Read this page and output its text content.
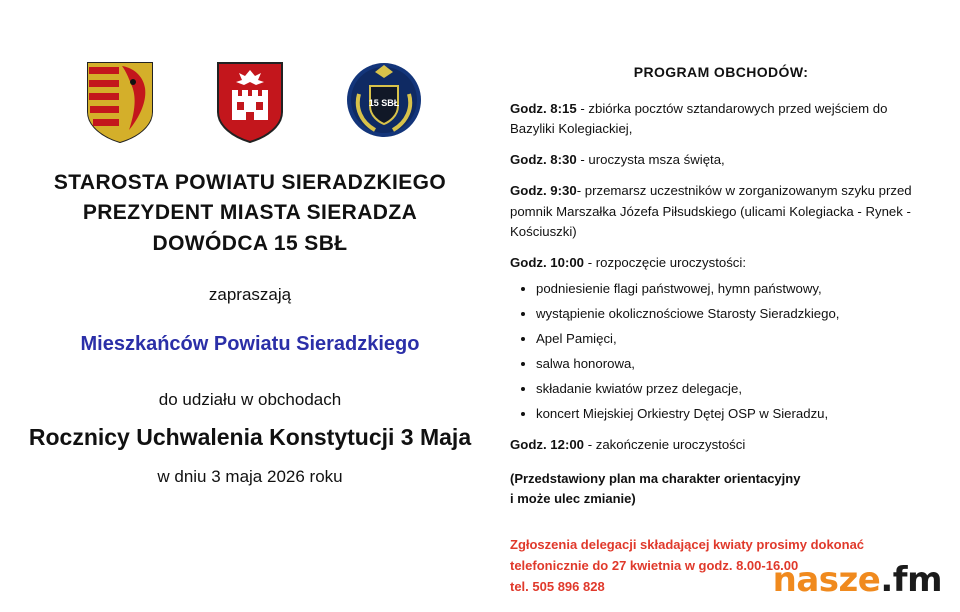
15 SBŁ
STAROSTA POWIATU SIERADZKIEGO
PREZYDENT MIASTA SIERADZA
DOWÓDCA 15 SBŁ
zapraszają
Mieszkańców Powiatu Sieradzkiego
do udziału w obchodach
Rocznicy Uchwalenia Konstytucji 3 Maja
w dniu 3 maja 2026 roku
PROGRAM OBCHODÓW:
Godz. 8:15 - zbiórka pocztów sztandarowych przed wejściem do Bazyliki Kolegiackiej,
Godz. 8:30 - uroczysta msza święta,
Godz. 9:30- przemarsz uczestników w zorganizowanym szyku przed pomnik Marszałka Józefa Piłsudskiego (ulicami Kolegiacka - Rynek - Kościuszki)
Godz. 10:00 - rozpoczęcie uroczystości:
• podniesienie flagi państwowej, hymn państwowy,
• wystąpienie okolicznościowe Starosty Sieradzkiego,
• Apel Pamięci,
• salwa honorowa,
• składanie kwiatów przez delegacje,
• koncert Miejskiej Orkiestry Dętej OSP w Sieradzu,
Godz. 12:00 - zakończenie uroczystości
(Przedstawiony plan ma charakter orientacyjny
i może ulec zmianie)
Zgłoszenia delegacji składającej kwiaty prosimy dokonać
telefonicznie do 27 kwietnia w godz. 8.00-16.00
tel. 505 896 828	nasze.fm
